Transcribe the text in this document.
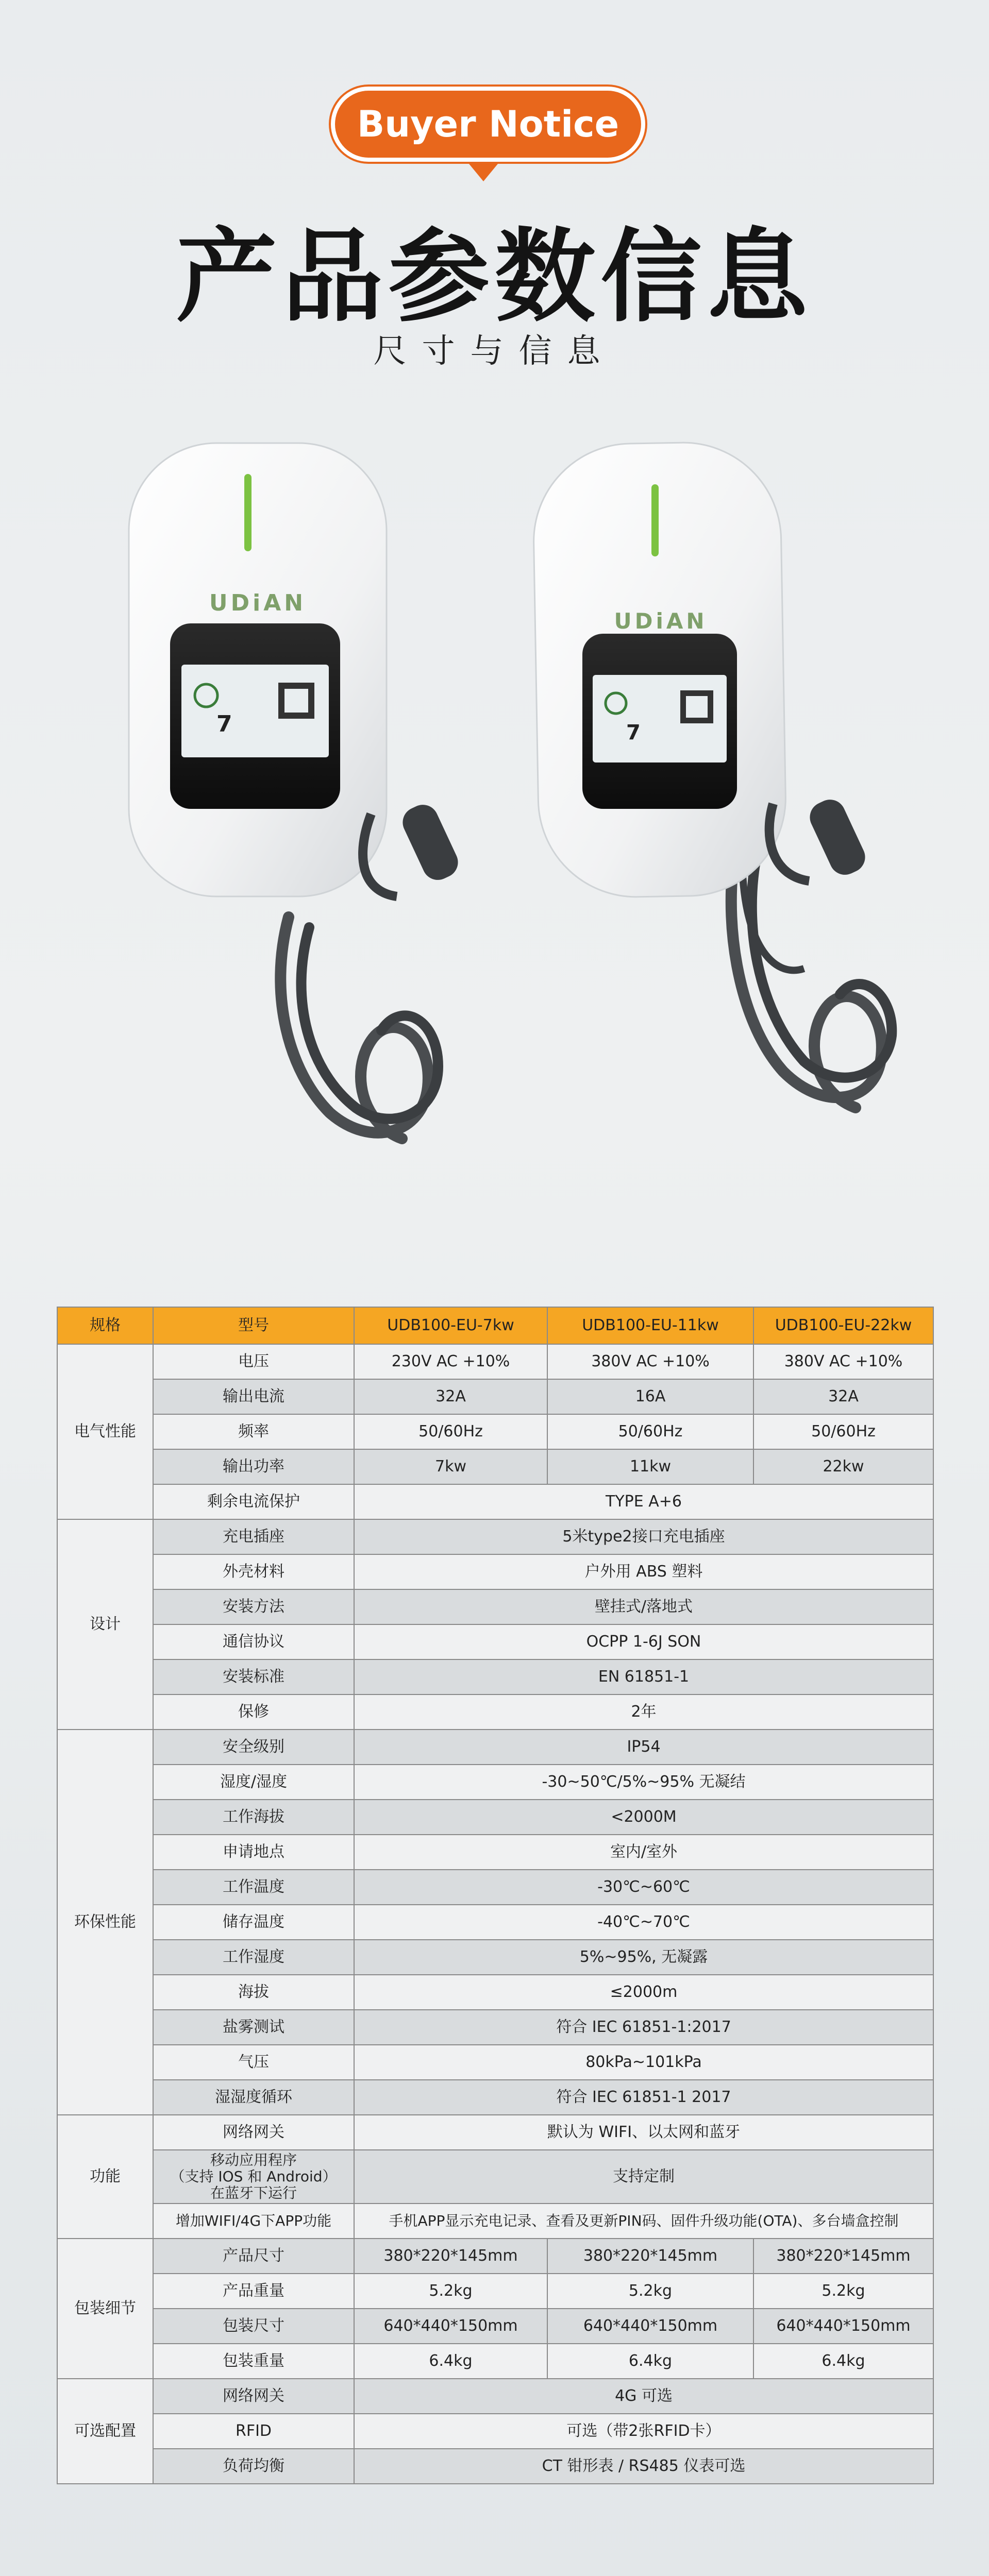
Buyer Notice
产品参数信息
尺寸与信息
7
UDiAN
7
UDiAN
规格	型号	UDB100-EU-7kw	UDB100-EU-11kw	UDB100-EU-22kw
电气性能	电压	230V AC +10%	380V AC +10%	380V AC +10%
	输出电流	32A	16A	32A
	频率	50/60Hz	50/60Hz	50/60Hz
	输出功率	7kw	11kw	22kw
	剩余电流保护	TYPE A+6		
设计	充电插座	5米type2接口充电插座		
	外壳材料	户外用 ABS 塑料		
	安装方法	壁挂式/落地式		
	通信协议	OCPP 1-6J SON		
	安装标准	EN 61851-1		
	保修	2年		
环保性能	安全级别	IP54		
	湿度/湿度	-30~50℃/5%~95% 无凝结		
	工作海拔	<2000M		
	申请地点	室内/室外		
	工作温度	-30℃~60℃		
	储存温度	-40℃~70℃		
	工作湿度	5%~95%, 无凝露		
	海拔	≤2000m		
	盐雾测试	符合 IEC 61851-1:2017		
	气压	80kPa~101kPa		
	湿湿度循环	符合 IEC 61851-1 2017		
功能	网络网关	默认为 WIFI、以太网和蓝牙		
	移动应用程序
（支持 IOS 和 Android）
在蓝牙下运行	支持定制		
	增加WIFI/4G下APP功能	手机APP显示充电记录、查看及更新PIN码、固件升级功能(OTA)、多台墙盒控制		
包装细节	产品尺寸	380*220*145mm	380*220*145mm	380*220*145mm
	产品重量	5.2kg	5.2kg	5.2kg
	包装尺寸	640*440*150mm	640*440*150mm	640*440*150mm
	包装重量	6.4kg	6.4kg	6.4kg
可选配置	网络网关	4G 可选		
	RFID	可选（带2张RFID卡）		
	负荷均衡	CT 钳形表 / RS485 仪表可选		
